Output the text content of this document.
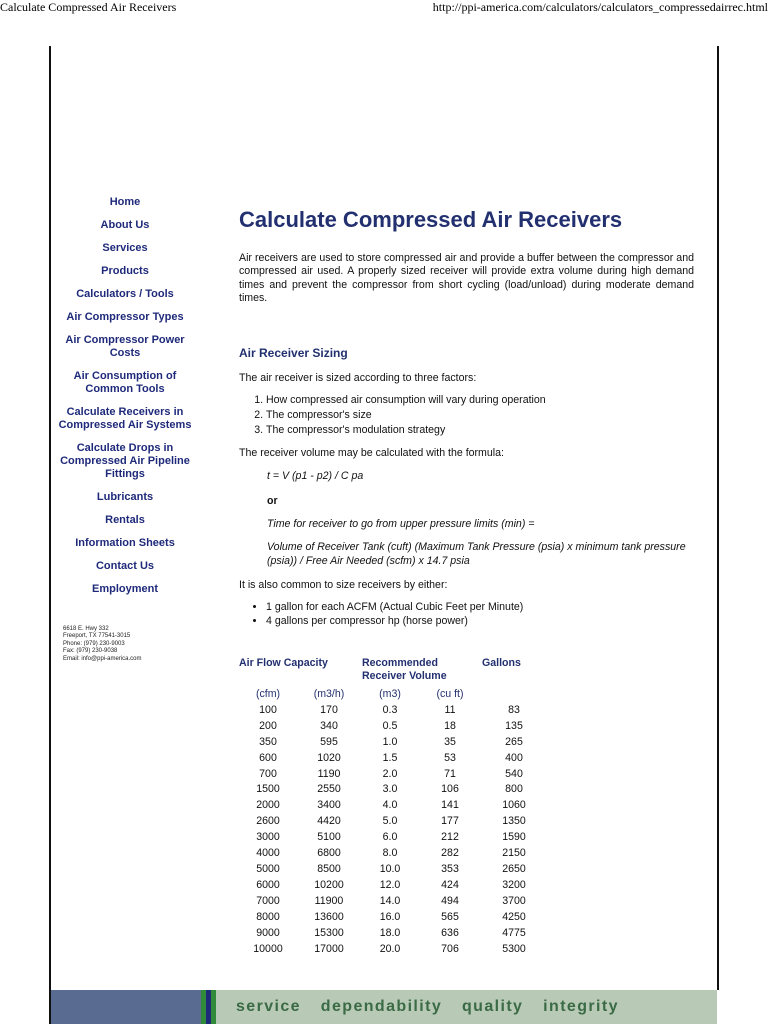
Calculate Compressed Air Receivers	http://ppi-america.com/calculators/calculators_compressedairrec.html
Home
About Us
Services
Products
Calculators / Tools
Air Compressor Types
Air Compressor Power Costs
Air Consumption of Common Tools
Calculate Receivers in Compressed Air Systems
Calculate Drops in Compressed Air Pipeline Fittings
Lubricants
Rentals
Information Sheets
Contact Us
Employment
6618 E. Hwy 332
Freeport, TX 77541-3015
Phone: (979) 230-9003
Fax: (979) 230-9038
Email: info@ppi-america.com
Calculate Compressed Air Receivers

Air receivers are used to store compressed air and provide a buffer between the compressor and compressed air used. A properly sized receiver will provide extra volume during high demand times and prevent the compressor from short cycling (load/unload) during moderate demand times.

Air Receiver Sizing

The air receiver is sized according to three factors:

1. How compressed air consumption will vary during operation
2. The compressor's size
3. The compressor's modulation strategy

The receiver volume may be calculated with the formula:

t = V (p1 - p2) / C pa

or

Time for receiver to go from upper pressure limits (min) =

Volume of Receiver Tank (cuft) (Maximum Tank Pressure (psia) x minimum tank pressure (psia)) / Free Air Needed (scfm) x 14.7 psia

It is also common to size receivers by either:

• 1 gallon for each ACFM (Actual Cubic Feet per Minute)
• 4 gallons per compressor hp (horse power)
Air Flow Capacity		Recommended Receiver Volume		Gallons
(cfm)	(m3/h)	(m3)	(cu ft)	
100	170	0.3	11	83
200	340	0.5	18	135
350	595	1.0	35	265
600	1020	1.5	53	400
700	1190	2.0	71	540
1500	2550	3.0	106	800
2000	3400	4.0	141	1060
2600	4420	5.0	177	1350
3000	5100	6.0	212	1590
4000	6800	8.0	282	2150
5000	8500	10.0	353	2650
6000	10200	12.0	424	3200
7000	11900	14.0	494	3700
8000	13600	16.0	565	4250
9000	15300	18.0	636	4775
10000	17000	20.0	706	5300
service dependability quality integrity
